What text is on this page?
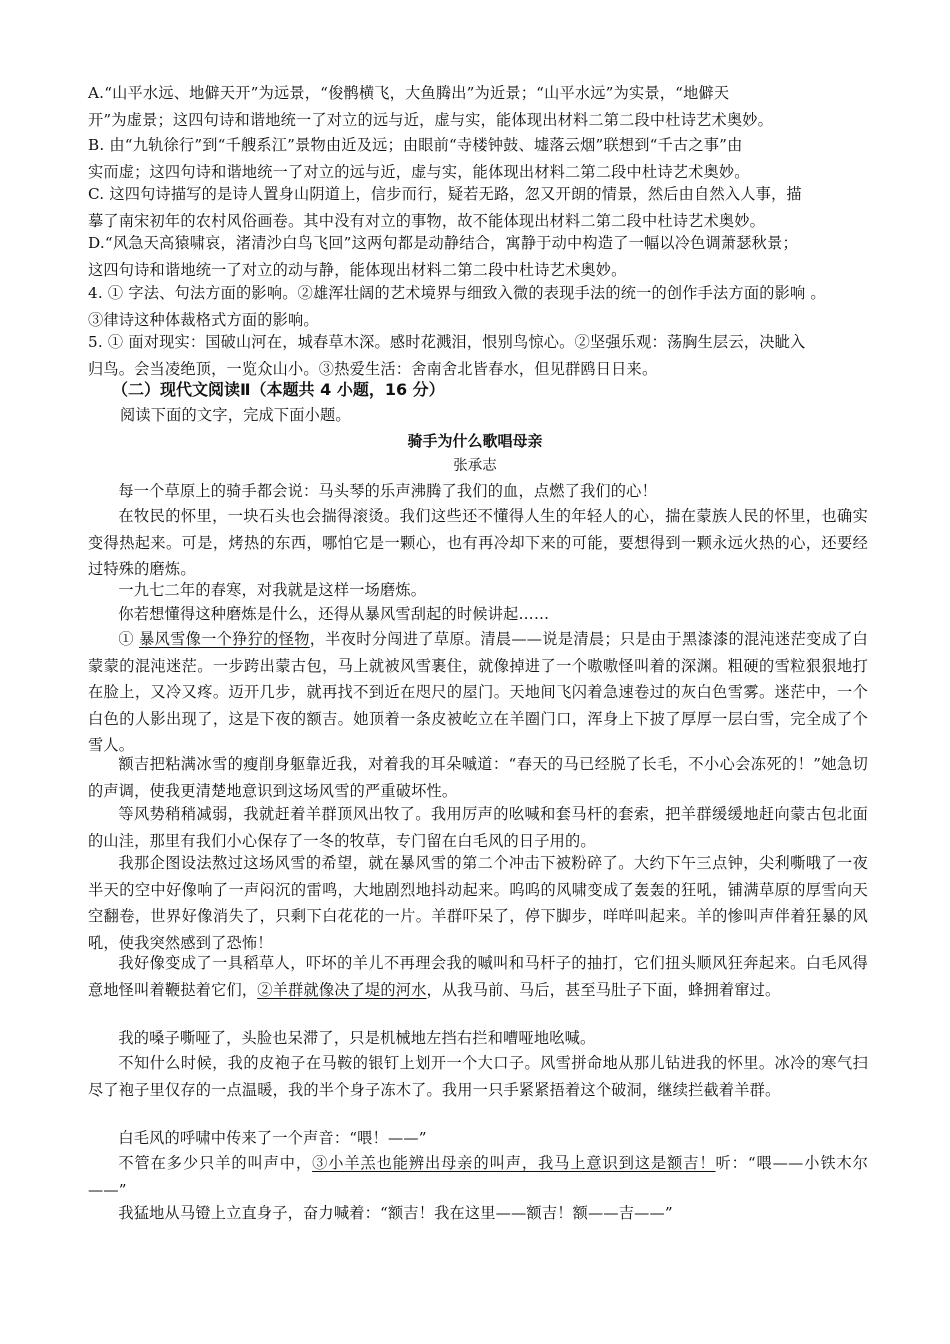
A.“山平水远、地僻天开”为远景，“俊鹘横飞，大鱼腾出”为近景；“山平水远”为实景，“地僻天
开”为虚景；这四句诗和谐地统一了对立的远与近，虚与实，能体现出材料二第二段中杜诗艺术奥妙。

B. 由“九轨徐行”到“千艘系江”景物由近及远；由眼前“寺楼钟鼓、墟落云烟”联想到“千古之事”由
实而虚；这四句诗和谐地统一了对立的远与近，虚与实，能体现出材料二第二段中杜诗艺术奥妙。

C. 这四句诗描写的是诗人置身山阴道上，信步而行，疑若无路，忽又开朗的情景，然后由自然入人事，描
摹了南宋初年的农村风俗画卷。其中没有对立的事物，故不能体现出材料二第二段中杜诗艺术奥妙。

D.“风急天高猿啸哀，渚清沙白鸟飞回”这两句都是动静结合，寓静于动中构造了一幅以冷色调萧瑟秋景；
这四句诗和谐地统一了对立的动与静，能体现出材料二第二段中杜诗艺术奥妙。

4. ① 字法、句法方面的影响。②雄浑壮阔的艺术境界与细致入微的表现手法的统一的创作手法方面的影响 。
③律诗这种体裁格式方面的影响。

5. ① 面对现实：国破山河在，城春草木深。感时花溅泪，恨别鸟惊心。②坚强乐观：荡胸生层云，决眦入
归鸟。会当凌绝顶，一览众山小。③热爱生活：舍南舍北皆春水，但见群鸥日日来。

（二）现代文阅读Ⅱ（本题共 4 小题，16 分）

阅读下面的文字，完成下面小题。

骑手为什么歌唱母亲

张承志

每一个草原上的骑手都会说：马头琴的乐声沸腾了我们的血，点燃了我们的心！

在牧民的怀里，一块石头也会揣得滚烫。我们这些还不懂得人生的年轻人的心，揣在蒙族人民的怀里，也确实变得热起来。可是，烤热的东西，哪怕它是一颗心，也有再冷却下来的可能，要想得到一颗永远火热的心，还要经过特殊的磨炼。

一九七二年的春寒，对我就是这样一场磨炼。

你若想懂得这种磨炼是什么，还得从暴风雪刮起的时候讲起……

① 暴风雪像一个狰狞的怪物，半夜时分闯进了草原。清晨——说是清晨；只是由于黑漆漆的混沌迷茫变成了白蒙蒙的混沌迷茫。一步跨出蒙古包，马上就被风雪裹住，就像掉进了一个嗷嗷怪叫着的深渊。粗硬的雪粒狠狠地打在脸上，又冷又疼。迈开几步，就再找不到近在咫尺的屋门。天地间飞闪着急速卷过的灰白色雪雾。迷茫中，一个白色的人影出现了，这是下夜的额吉。她顶着一条皮被屹立在羊圈门口，浑身上下披了厚厚一层白雪，完全成了个雪人。

额吉把粘满冰雪的瘦削身躯靠近我，对着我的耳朵嘁道：“春天的马已经脱了长毛，不小心会冻死的！”她急切的声调，使我更清楚地意识到这场风雪的严重破坏性。

等风势稍稍减弱，我就赶着羊群顶风出牧了。我用厉声的吆喊和套马杆的套索，把羊群缓缓地赶向蒙古包北面的山洼，那里有我们小心保存了一冬的牧草，专门留在白毛风的日子用的。

我那企图设法熬过这场风雪的希望，就在暴风雪的第二个冲击下被粉碎了。大约下午三点钟，尖利嘶哦了一夜半天的空中好像响了一声闷沉的雷鸣，大地剧烈地抖动起来。呜呜的风啸变成了轰轰的狂吼，铺满草原的厚雪向天空翻卷，世界好像消失了，只剩下白花花的一片。羊群吓呆了，停下脚步，咩咩叫起来。羊的惨叫声伴着狂暴的风吼，使我突然感到了恐怖！

我好像变成了一具稻草人，吓坏的羊儿不再理会我的嘁叫和马杆子的抽打，它们扭头顺风狂奔起来。白毛风得意地怪叫着鞭挞着它们，②羊群就像决了堤的河水，从我马前、马后，甚至马肚子下面，蜂拥着窜过。

我的嗓子嘶哑了，头脸也呆滞了，只是机械地左挡右拦和嘈哑地吆喊。

不知什么时候，我的皮袍子在马鞍的银钉上划开一个大口子。风雪拼命地从那儿钻进我的怀里。冰冷的寒气扫尽了袍子里仅存的一点温暖，我的半个身子冻木了。我用一只手紧紧捂着这个破洞，继续拦截着羊群。

白毛风的呼啸中传来了一个声音：“喂！——”

不管在多少只羊的叫声中，③小羊羔也能辨出母亲的叫声，我马上意识到这是额吉！听：“喂——小铁木尔——”

我猛地从马镫上立直身子，奋力喊着：“额吉！我在这里——额吉！额——吉——”
